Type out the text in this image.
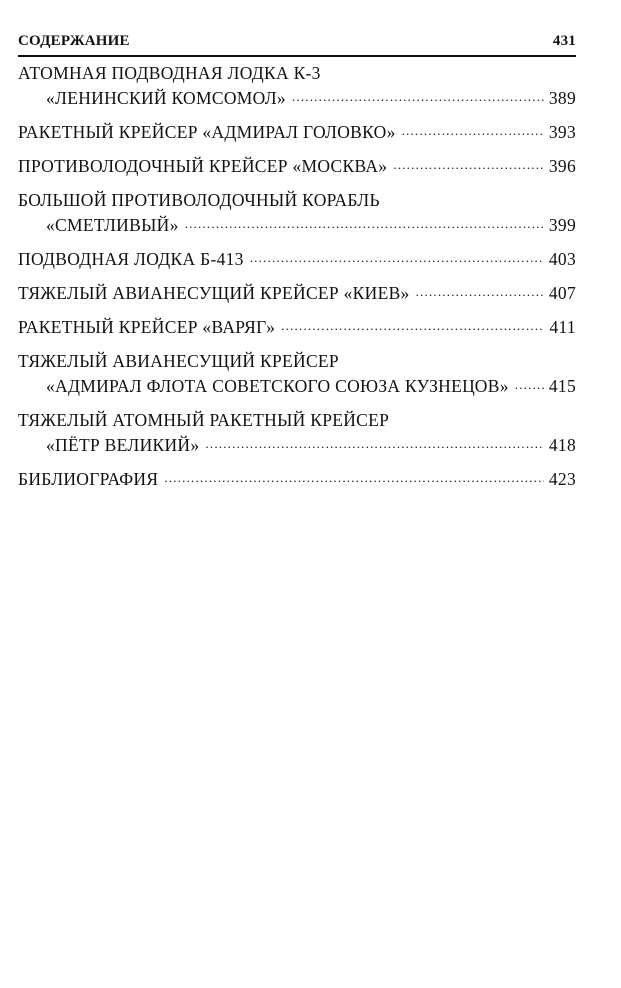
СОДЕРЖАНИЕ	431
АТОМНАЯ ПОДВОДНАЯ ЛОДКА К-3
«ЛЕНИНСКИЙ КОМСОМОЛ» .....	389
РАКЕТНЫЙ КРЕЙСЕР «АДМИРАЛ ГОЛОВКО» .....	393
ПРОТИВОЛОДОЧНЫЙ КРЕЙСЕР «МОСКВА» .....	396
БОЛЬШОЙ ПРОТИВОЛОДОЧНЫЙ КОРАБЛЬ
«СМЕТЛИВЫЙ» .....	399
ПОДВОДНАЯ ЛОДКА Б-413 .....	403
ТЯЖЕЛЫЙ АВИАНЕСУЩИЙ КРЕЙСЕР «КИЕВ» .....	407
РАКЕТНЫЙ КРЕЙСЕР «ВАРЯГ» .....	411
ТЯЖЕЛЫЙ АВИАНЕСУЩИЙ КРЕЙСЕР
«АДМИРАЛ ФЛОТА СОВЕТСКОГО СОЮЗА КУЗНЕЦОВ» ..... 415
ТЯЖЕЛЫЙ АТОМНЫЙ РАКЕТНЫЙ КРЕЙСЕР
«ПЁТР ВЕЛИКИЙ» .....	418
БИБЛИОГРАФИЯ .....	423
